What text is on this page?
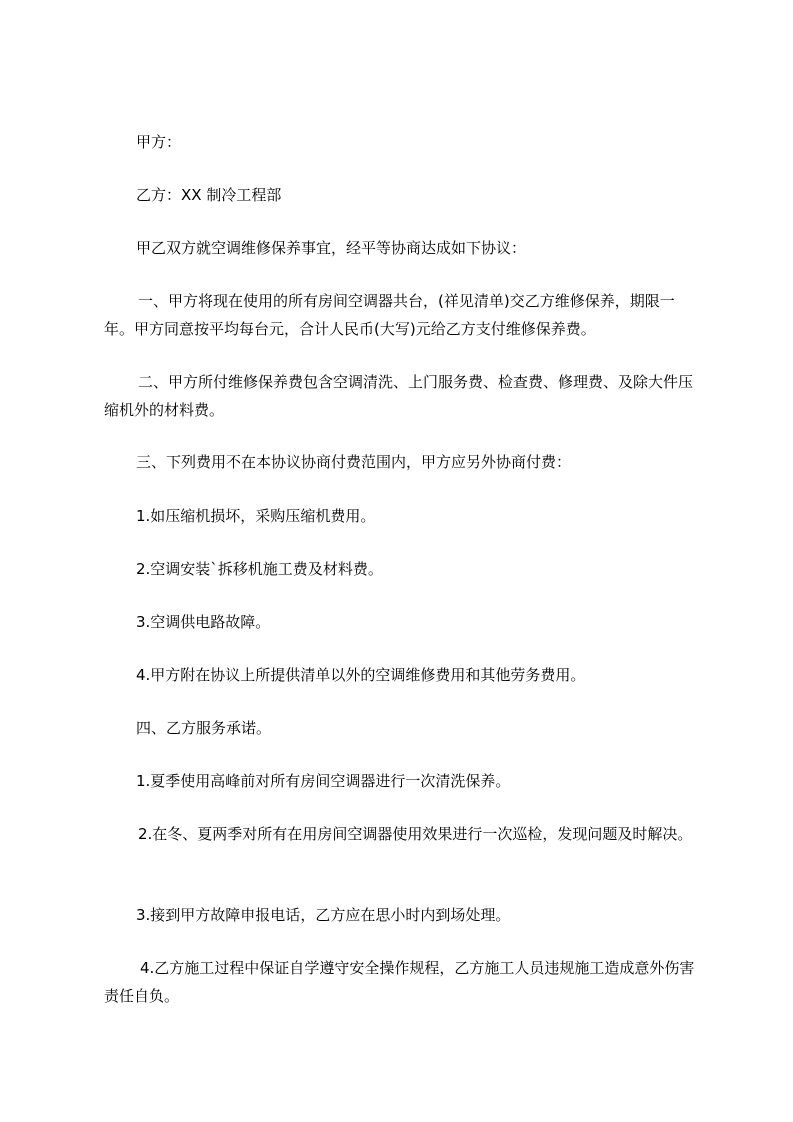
甲方：

乙方：XX 制冷工程部

甲乙双方就空调维修保养事宜，经平等协商达成如下协议：

一、甲方将现在使用的所有房间空调器共台，(祥见清单)交乙方维修保养，期限一年。甲方同意按平均每台元，合计人民币(大写)元给乙方支付维修保养费。

二、甲方所付维修保养费包含空调清洗、上门服务费、检查费、修理费、及除大件压缩机外的材料费。

三、下列费用不在本协议协商付费范围内，甲方应另外协商付费：

1.如压缩机损坏，采购压缩机费用。

2.空调安装`拆移机施工费及材料费。

3.空调供电路故障。

4.甲方附在协议上所提供清单以外的空调维修费用和其他劳务费用。

四、乙方服务承诺。

1.夏季使用高峰前对所有房间空调器进行一次清洗保养。

2.在冬、夏两季对所有在用房间空调器使用效果进行一次巡检，发现问题及时解决。

3.接到甲方故障申报电话，乙方应在思小时内到场处理。

4.乙方施工过程中保证自学遵守安全操作规程，乙方施工人员违规施工造成意外伤害责任自负。
